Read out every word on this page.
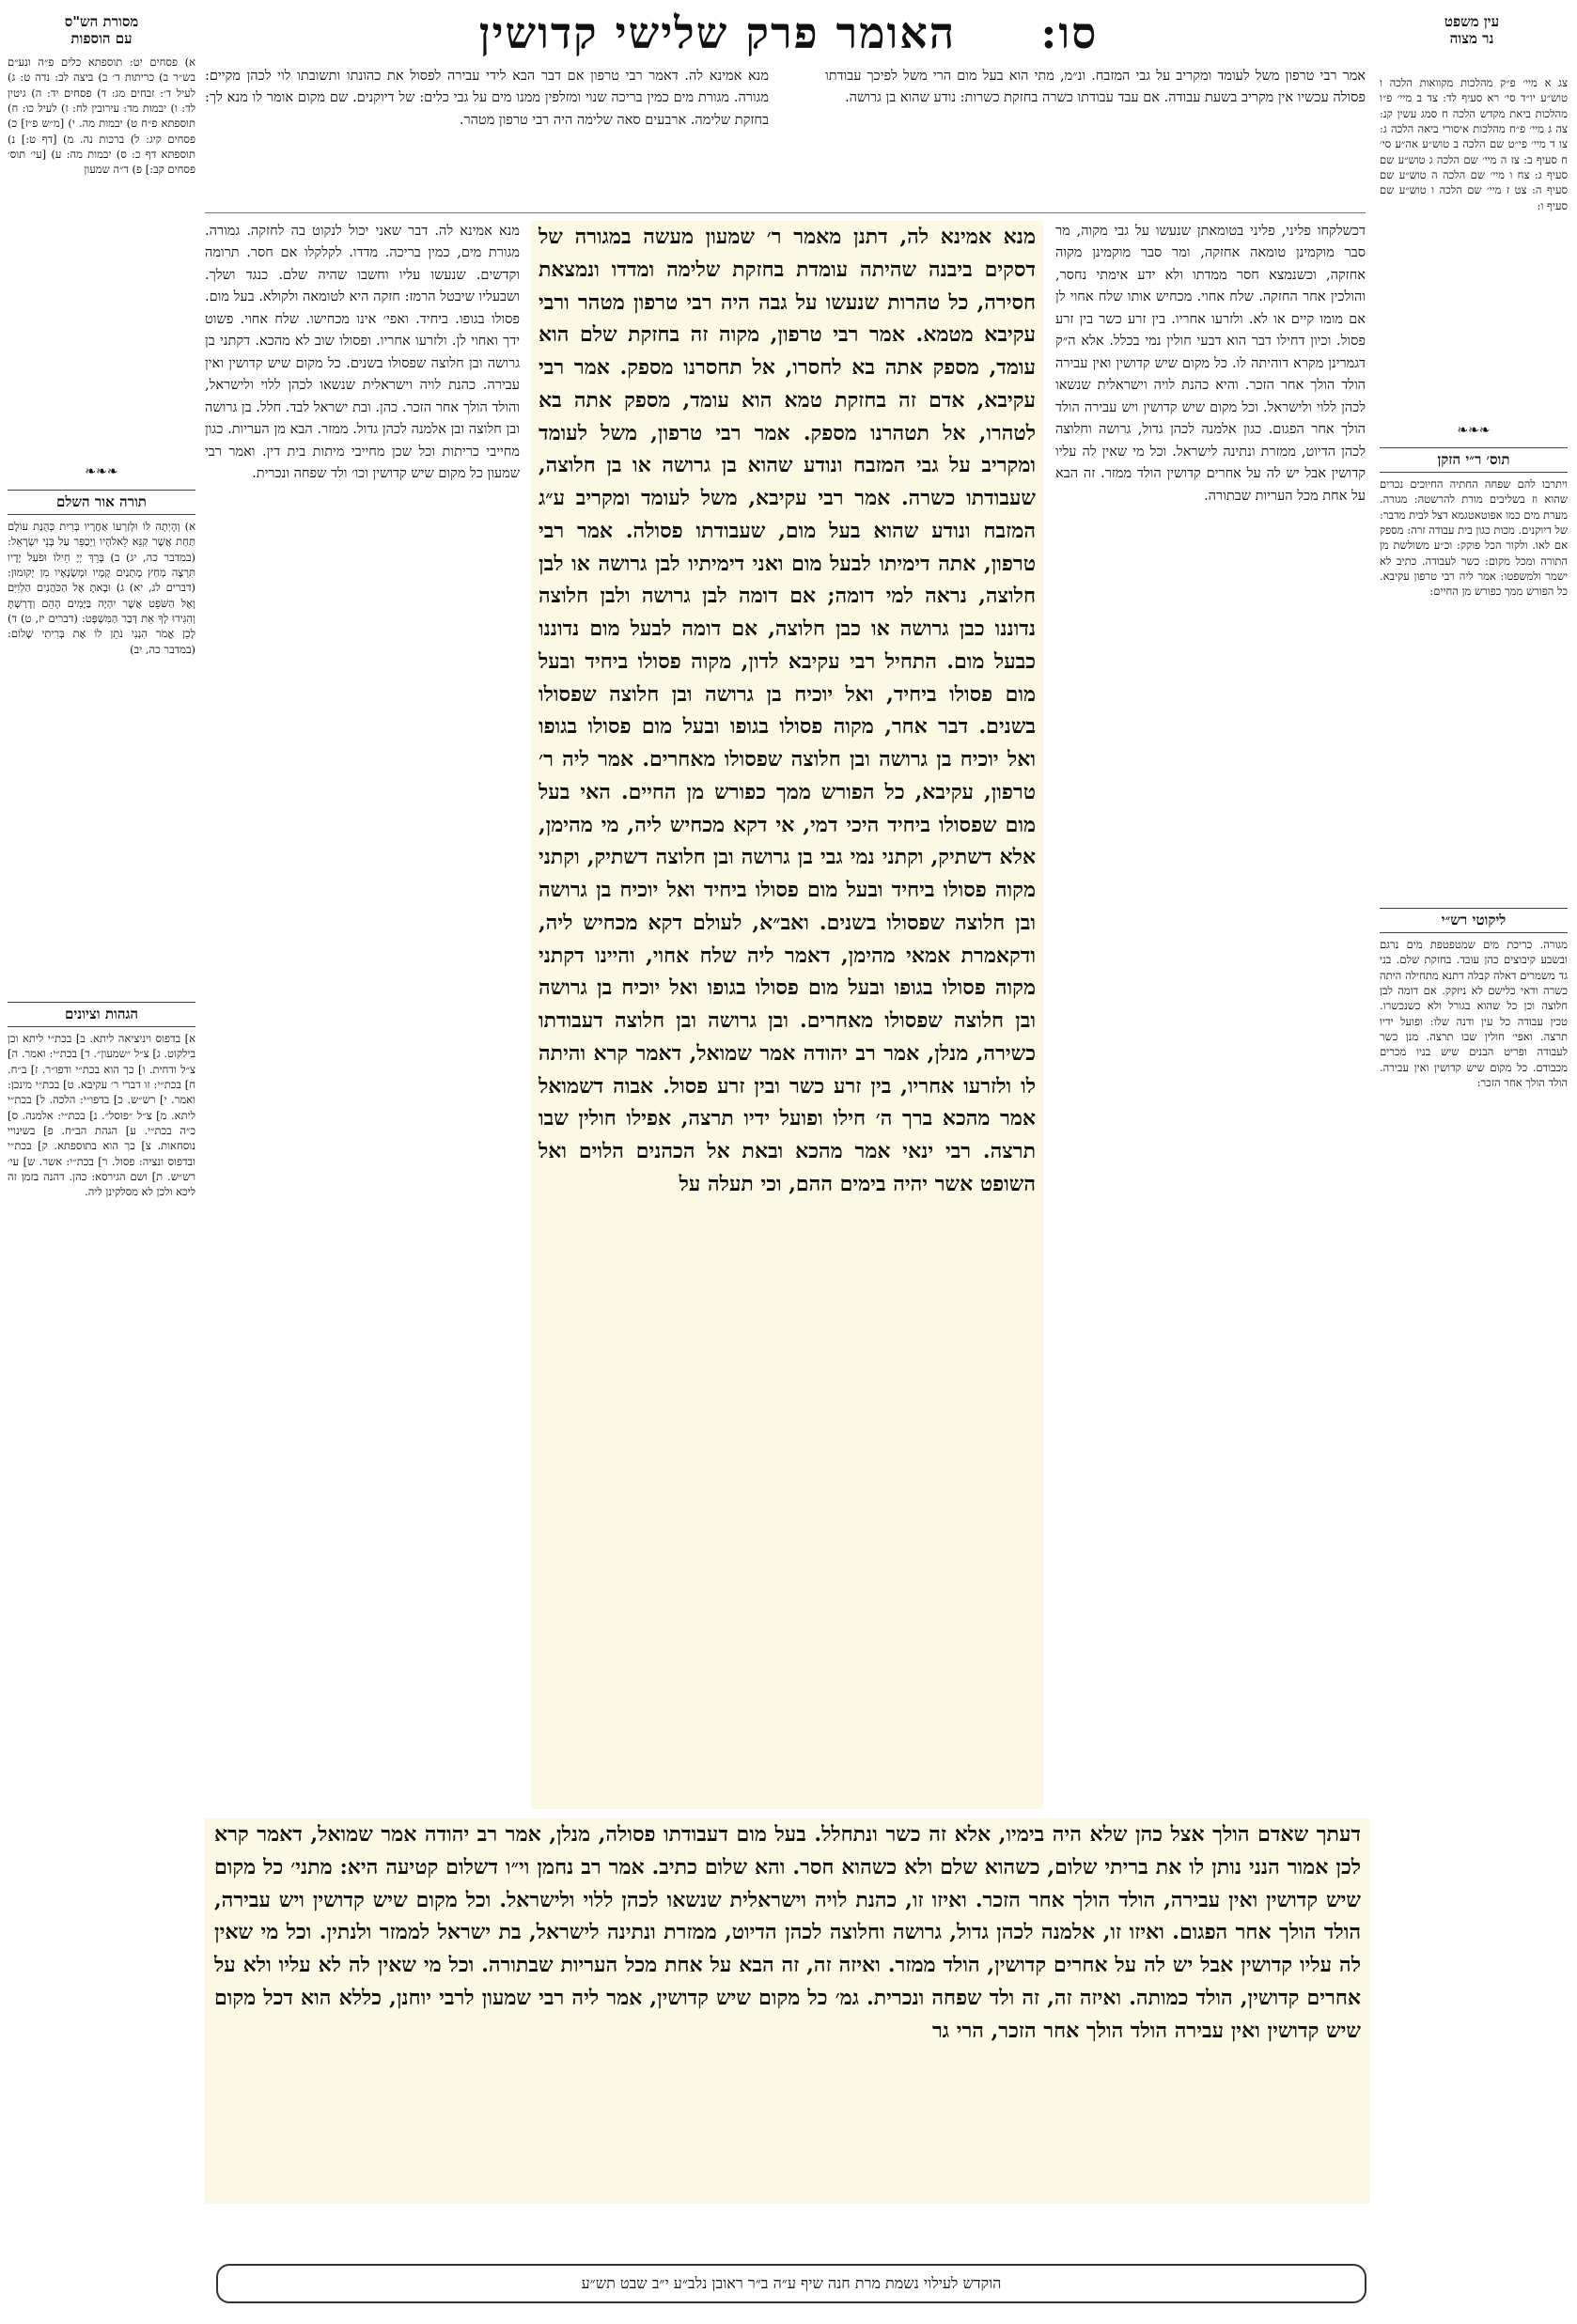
סו:     האומר פרק שלישי קדושין	עין משפט
נר מצוה
מסורת הש"ס
עם הוספות
צג א מיי׳ פ״ק מהלכות מקוואות הלכה ו טוש״ע יו״ד סי׳ רא סעיף לד: צד ב מיי׳ פ״ו מהלכות ביאת מקדש הלכה ח סמג עשין קנ: צה ג מיי׳ פ״ח מהלכות איסורי ביאה הלכה ג: צו ד מיי׳ פי״ט שם הלכה ב טוש״ע אה״ע סי׳ ח סעיף ב: צז ה מיי׳ שם הלכה ג טוש״ע שם סעיף ג: צח ו מיי׳ שם הלכה ה טוש״ע שם סעיף ה: צט ז מיי׳ שם הלכה ו טוש״ע שם סעיף ו:
❧❧❧
תוס׳ ר״י הזקן
ויתרבו להם שפחה החתיה החיוכים נכרים שהוא וז בשליבים מורת להרשטה: מגורה. מערת מים כמו אפוטאטגמא דצל לבית מדבר: של דיוקנים. מכות כגון בית עבודה זרה: מספק אם לאו. ולקור הכל פוקק: וכ״ע משולשת מן התורה ומכל מקום: כשר לעבודה. כתיב לא ישמר ולמשפטו: אמר ליה רבי טרפון עקיבא. כל הפורש ממך כפורש מן החיים:
ליקוטי רש״י
מגורה. כריכת מים שמטפטפת מים נרגם ובשבע קיבוצים כהן עובד. בחזקת שלם. בני גד משמרים דאלה קבלה דתנא מתחילה היתה כשרה ודאי כלישם לא ניזקק. אם דומה לבן חלוצה וכן כל שהוא בגורל ולא כשנכשרו. טכין עבודה כל עין ודנה שלו: ופועל ידיו תרצה. ואפי׳ חולין שבו תרצה. מנן כשר לעבודה ופריט הבנים שיש בניו מכרים מכבודם. כל מקום שיש קדושין ואין עבירה. הולד הולך אחר הזכר:
א) פסחים יט: תוספתא כלים פ״ה ונע״ם בש״ר ב) כריתות ד׳ ב) ביצה לב: נדה ט: ג) לעיל ד׳: זבחים מג: ד) פסחים יד: ה) גיטין לד: ו) יבמות מד: עירובין לח: ז) לעיל כו: ח) תוספתא פ״ח ט) יבמות מה. י) [מ״ש פ״ז] כ) פסחים קיג: ל) ברכות נה. מ) [דף ט:] נ) תוספתא דף כ: ס) יבמות מה: ע) [עי׳ תוס׳ פסחים קב:] פ) ד״ה שמעון
❧❧❧
תורה אור השלם
א) וְהָיְתָה לּוֹ וּלְזַרְעוֹ אַחֲרָיו בְּרִית כְּהֻנַּת עוֹלָם תַּחַת אֲשֶׁר קִנֵּא לֵאלֹהָיו וַיְכַפֵּר עַל בְּנֵי יִשְׂרָאֵל: (במדבר כה, יג) ב) בָּרֵךְ יְיָ חֵילוֹ וּפֹעַל יָדָיו תִּרְצֶה מְחַץ מָתְנַיִם קָמָיו וּמְשַׂנְאָיו מִן יְקוּמוּן: (דברים לג, יא) ג) וּבָאתָ אֶל הַכֹּהֲנִים הַלְוִיִּם וְאֶל הַשֹּׁפֵט אֲשֶׁר יִהְיֶה בַּיָּמִים הָהֵם וְדָרַשְׁתָּ וְהִגִּידוּ לְךָ אֵת דְּבַר הַמִּשְׁפָּט: (דברים יז, ט) ד) לָכֵן אֱמֹר הִנְנִי נֹתֵן לוֹ אֶת בְּרִיתִי שָׁלוֹם: (במדבר כה, יב)
הגהות וציונים
א] בדפוס ויניציאה ליתא. ב] בכת״י ליתא וכן בילקוט. ג] צ״ל ״שמעון״. ד] בכת״י: ואמר. ה] צ״ל ודחית. ו] כך הוא בכת״י ודפו״ר. ז] ב״ח. ח] בכת״י: זו דברי ר׳ עקיבא. ט] בכת״י מינכן: ואמר. י] רש״ש. כ] בדפו״י: הלכה. ל] בכת״י ליתא. מ] צ״ל ״פוסל״. נ] בכת״י: אלמנה. ס] כ״ה בכת״י. ע] הגהת הב״ח. פ] בשינויי נוסחאות. צ] כך הוא בתוספתא. ק] בכת״י ובדפוס ונציה: פסול. ר] בכת״י: אשר. ש] עי׳ רש״ש. ת] ושם הגירסא: כהן. דהנה בזמן זה ליכא ולכן לא מסלקינן ליה.
אמר רבי טרפון משל לעומד ומקריב על גבי המזבח. ונ״מ, מתי הוא בעל מום הרי משל לפיכך עבודתו פסולה עכשיו אין מקריב בשעת עבודה. אם עבד עבודתו כשרה בחזקת כשרות: נודע שהוא בן גרושה.
מנא אמינא לה. דאמר רבי טרפון אם דבר הבא לידי עבירה לפסול את כהונתו ותשובתו לוי לכהן מקיים: מגורה. מגורת מים כמין בריכה שנוי ומזלפין ממנו מים על גבי כלים: של דיוקנים. שם מקום אומר לו מנא לך: בחזקת שלימה. ארבעים סאה שלימה היה רבי טרפון מטהר.
דכשלקחו פליני, פליני בטומאתן שנעשו על גבי מקוה, מר סבר מוקמינן טומאה אחזקה, ומר סבר מוקמינן מקוה אחזקה, וכשנמצא חסר ממדתו ולא ידע אימתי נחסר, והולכין אחר החזקה. שלח אחוי. מכחיש אותו שלח אחוי לן אם מומו קיים או לא. ולזרעו אחריו. בין זרע כשר בין זרע פסול. וכיון דחילו דבר הוא דבעי חולין נמי בכלל. אלא ה״ק דגמרינן מקרא דוהיתה לו. כל מקום שיש קדושין ואין עבירה הולד הולך אחר הזכר. והיא כהנת לויה וישראלית שנשאו לכהן ללוי ולישראל. וכל מקום שיש קדושין ויש עבירה הולד הולך אחר הפגום. כגון אלמנה לכהן גדול, גרושה וחלוצה לכהן הדיוט, ממזרת ונתינה לישראל. וכל מי שאין לה עליו קדושין אבל יש לה על אחרים קדושין הולד ממזר. זה הבא על אחת מכל העריות שבתורה.
מנא אמינא לה, דתנן מאמר ר׳ שמעון מעשה במגורה של דסקים ביבנה שהיתה עומדת בחזקת שלימה ומדדו ונמצאת חסירה, כל טהרות שנעשו על גבה היה רבי טרפון מטהר ורבי עקיבא מטמא. אמר רבי טרפון, מקוה זה בחזקת שלם הוא עומד, מספק אתה בא לחסרו, אל תחסרנו מספק. אמר רבי עקיבא, אדם זה בחזקת טמא הוא עומד, מספק אתה בא לטהרו, אל תטהרנו מספק. אמר רבי טרפון, משל לעומד ומקריב על גבי המזבח ונודע שהוא בן גרושה או בן חלוצה, שעבודתו כשרה. אמר רבי עקיבא, משל לעומד ומקריב ע״ג המזבח ונודע שהוא בעל מום, שעבודתו פסולה. אמר רבי טרפון, אתה דימיתו לבעל מום ואני דימיתיו לבן גרושה או לבן חלוצה, נראה למי דומה; אם דומה לבן גרושה ולבן חלוצה נדוננו כבן גרושה או כבן חלוצה, אם דומה לבעל מום נדוננו כבעל מום. התחיל רבי עקיבא לדון, מקוה פסולו ביחיד ובעל מום פסולו ביחיד, ואל יוכיח בן גרושה ובן חלוצה שפסולו בשנים. דבר אחר, מקוה פסולו בגופו ובעל מום פסולו בגופו ואל יוכיח בן גרושה ובן חלוצה שפסולו מאחרים. אמר ליה ר׳ טרפון, עקיבא, כל הפורש ממך כפורש מן החיים. האי בעל מום שפסולו ביחיד היכי דמי, אי דקא מכחיש ליה, מי מהימן, אלא דשתיק, וקתני נמי גבי בן גרושה ובן חלוצה דשתיק, וקתני מקוה פסולו ביחיד ובעל מום פסולו ביחיד ואל יוכיח בן גרושה ובן חלוצה שפסולו בשנים. ואב״א, לעולם דקא מכחיש ליה, ודקאמרת אמאי מהימן, דאמר ליה שלח אחוי, והיינו דקתני מקוה פסולו בגופו ובעל מום פסולו בגופו ואל יוכיח בן גרושה ובן חלוצה שפסולו מאחרים. ובן גרושה ובן חלוצה דעבודתו כשירה, מנלן, אמר רב יהודה אמר שמואל, דאמר קרא והיתה לו ולזרעו אחריו, בין זרע כשר ובין זרע פסול. אבוה דשמואל אמר מהכא ברך ה׳ חילו ופועל ידיו תרצה, אפילו חולין שבו תרצה. רבי ינאי אמר מהכא ובאת אל הכהנים הלוים ואל השופט אשר יהיה בימים ההם, וכי תעלה על
מנא אמינא לה. דבר שאני יכול לנקוט בה לחזקה. גמורה. מגורת מים, כמין בריכה. מדדו. לקלקלו אם חסר. תרומה וקדשים. שנעשו עליו וחשבו שהיה שלם. כנגד ושלך. ושבעליו שיבטל הרמז: חזקה היא לטומאה ולקולא. בעל מום. פסולו בגופו. ביחיד. ואפי׳ אינו מכחישו. שלח אחוי. פשוט ידך ואחוי לן. ולזרעו אחריו. ופסולו שוב לא מהכא. דקתני בן גרושה ובן חלוצה שפסולו בשנים. כל מקום שיש קדושין ואין עבירה. כהנת לויה וישראלית שנשאו לכהן ללוי ולישראל, והולד הולך אחר הזכר. כהן. ובת ישראל לבד. חלל. בן גרושה ובן חלוצה ובן אלמנה לכהן גדול. ממזר. הבא מן העריות. כגון מחייבי כריתות וכל שכן מחייבי מיתות בית דין. ואמר רבי שמעון כל מקום שיש קדושין וכו׳ ולד שפחה ונכרית.
דעתך שאדם הולך אצל כהן שלא היה בימיו, אלא זה כשר ונתחלל. בעל מום דעבודתו פסולה, מנלן, אמר רב יהודה אמר שמואל, דאמר קרא לכן אמור הנני נותן לו את בריתי שלום, כשהוא שלם ולא כשהוא חסר. והא שלום כתיב. אמר רב נחמן וי״ו דשלום קטיעה היא: מתני׳ כל מקום שיש קדושין ואין עבירה, הולד הולך אחר הזכר. ואיזו זו, כהנת לויה וישראלית שנשאו לכהן ללוי ולישראל. וכל מקום שיש קדושין ויש עבירה, הולד הולך אחר הפגום. ואיזו זו, אלמנה לכהן גדול, גרושה וחלוצה לכהן הדיוט, ממזרת ונתינה לישראל, בת ישראל לממזר ולנתין. וכל מי שאין לה עליו קדושין אבל יש לה על אחרים קדושין, הולד ממזר. ואיזה זה, זה הבא על אחת מכל העריות שבתורה. וכל מי שאין לה לא עליו ולא על אחרים קדושין, הולד כמותה. ואיזה זה, זה ולד שפחה ונכרית. גמ׳ כל מקום שיש קדושין, אמר ליה רבי שמעון לרבי יוחנן, כללא הוא דכל מקום שיש קדושין ואין עבירה הולד הולך אחר הזכר, הרי גר
הוקדש לעילוי נשמת מרת חנה שיף ע״ה ב״ר ראובן נלב״ע י״ב שבט תש״ע
